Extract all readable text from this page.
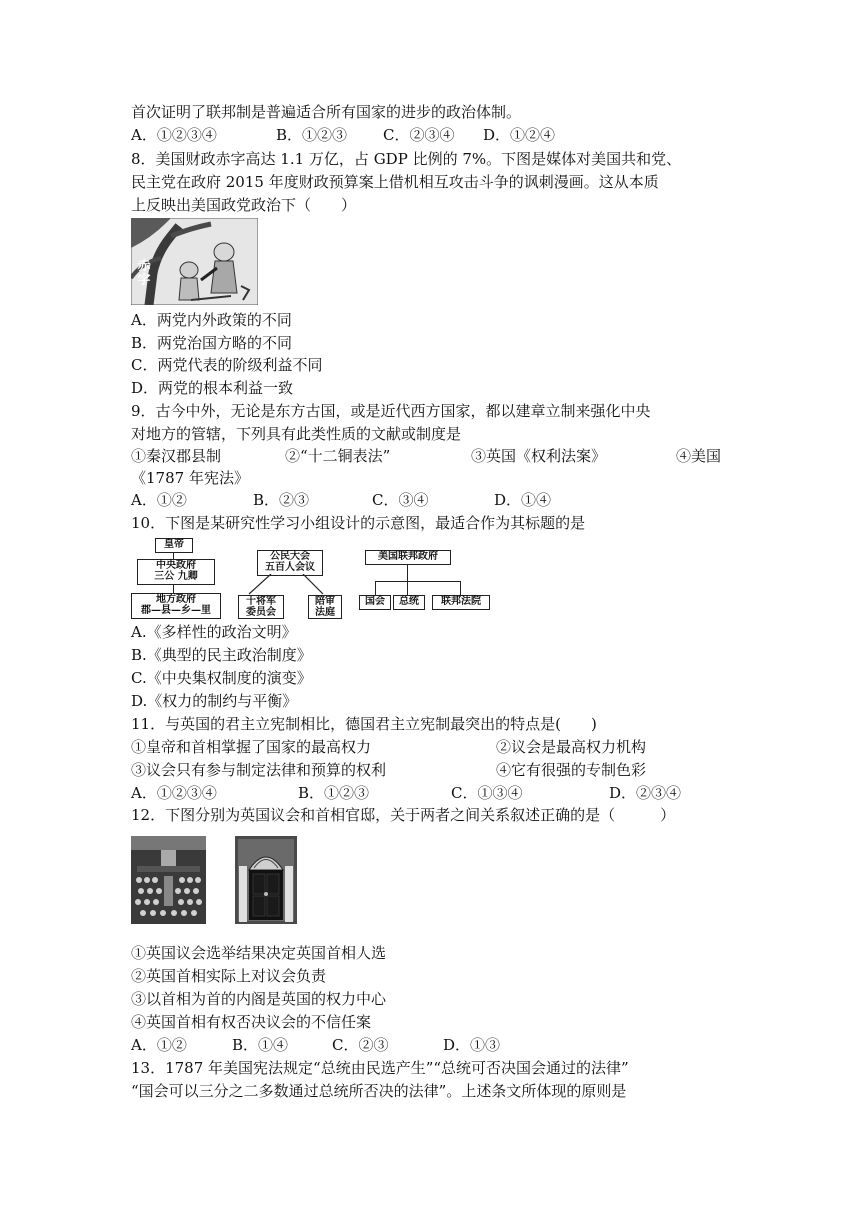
首次证明了联邦制是普遍适合所有国家的进步的政治体制。
A．①②③④	B．①②③ C．②③④ D．①②④
8．美国财政赤字高达 1.1 万亿，占 GDP 比例的 7%。下图是媒体对美国共和党、
民主党在政府 2015 年度财政预算案上借机相互攻击斗争的讽刺漫画。这从本质
上反映出美国政党政治下（　　）
赤字
A．两党内外政策的不同
B．两党治国方略的不同
C．两党代表的阶级利益不同
D．两党的根本利益一致
9．古今中外，无论是东方古国，或是近代西方国家，都以建章立制来强化中央
对地方的管辖，下列具有此类性质的文献或制度是
①秦汉郡县制	②“十二铜表法”	③英国《权利法案》	④美国
《1787 年宪法》
A．①②	B．②③	C．③④	D．①④
10．下图是某研究性学习小组设计的示意图，最适合作为其标题的是
皇帝
中央政府
三公 九卿
地方政府
郡—县—乡—里
公民大会
五百人会议
十将军
委员会
陪审
法庭
美国联邦政府
国会	总统	联邦法院
A.《多样性的政治文明》
B.《典型的民主政治制度》
C.《中央集权制度的演变》
D.《权力的制约与平衡》
11．与英国的君主立宪制相比，德国君主立宪制最突出的特点是(　　)
①皇帝和首相掌握了国家的最高权力	②议会是最高权力机构
③议会只有参与制定法律和预算的权利	④它有很强的专制色彩
A．①②③④	B．①②③	C．①③④	D．②③④
12．下图分别为英国议会和首相官邸，关于两者之间关系叙述正确的是（　　　）
①英国议会选举结果决定英国首相人选
②英国首相实际上对议会负责
③以首相为首的内阁是英国的权力中心
④英国首相有权否决议会的不信任案
A．①②	B．①④	C．②③	D．①③
13．1787 年美国宪法规定“总统由民选产生”“总统可否决国会通过的法律”
“国会可以三分之二多数通过总统所否决的法律”。上述条文所体现的原则是
